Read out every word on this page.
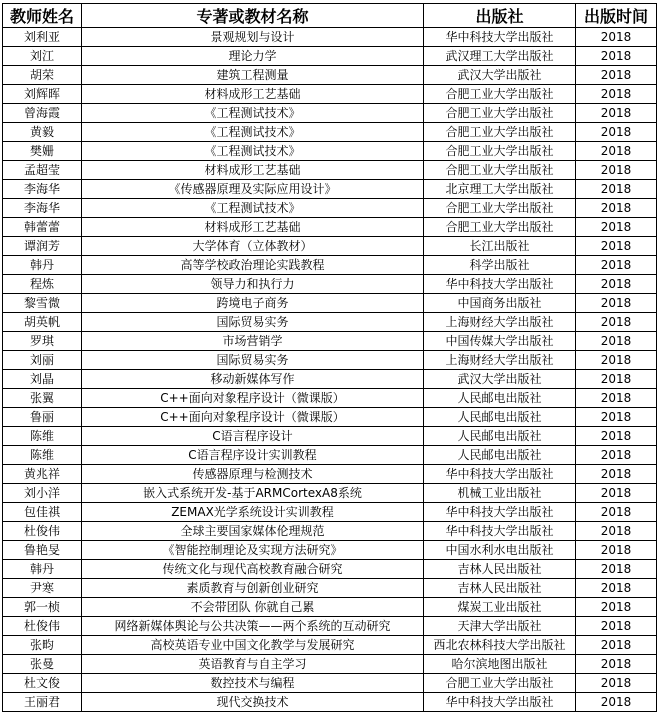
教师姓名	专著或教材名称	出版社	出版时间
刘利亚	景观规划与设计	华中科技大学出版社	2018
刘江	理论力学	武汉理工大学出版社	2018
胡荣	建筑工程测量	武汉大学出版社	2018
刘辉晖	材料成形工艺基础	合肥工业大学出版社	2018
曾海霞	《工程测试技术》	合肥工业大学出版社	2018
黄毅	《工程测试技术》	合肥工业大学出版社	2018
樊姗	《工程测试技术》	合肥工业大学出版社	2018
孟超莹	材料成形工艺基础	合肥工业大学出版社	2018
李海华	《传感器原理及实际应用设计》	北京理工大学出版社	2018
李海华	《工程测试技术》	合肥工业大学出版社	2018
韩蕾蕾	材料成形工艺基础	合肥工业大学出版社	2018
谭润芳	大学体育（立体教材）	长江出版社	2018
韩丹	高等学校政治理论实践教程	科学出版社	2018
程炼	领导力和执行力	华中科技大学出版社	2018
黎雪微	跨境电子商务	中国商务出版社	2018
胡英帆	国际贸易实务	上海财经大学出版社	2018
罗琪	市场营销学	中国传媒大学出版社	2018
刘丽	国际贸易实务	上海财经大学出版社	2018
刘晶	移动新媒体写作	武汉大学出版社	2018
张翼	C++面向对象程序设计（微课版）	人民邮电出版社	2018
鲁丽	C++面向对象程序设计（微课版）	人民邮电出版社	2018
陈维	C语言程序设计	人民邮电出版社	2018
陈维	C语言程序设计实训教程	人民邮电出版社	2018
黄兆祥	传感器原理与检测技术	华中科技大学出版社	2018
刘小洋	嵌入式系统开发-基于ARMCortexA8系统	机械工业出版社	2018
包佳祺	ZEMAX光学系统设计实训教程	华中科技大学出版社	2018
杜俊伟	全球主要国家媒体伦理规范	华中科技大学出版社	2018
鲁艳旻	《智能控制理论及实现方法研究》	中国水利水电出版社	2018
韩丹	传统文化与现代高校教育融合研究	吉林人民出版社	2018
尹寒	素质教育与创新创业研究	吉林人民出版社	2018
郭一桢	不会带团队 你就自己累	煤炭工业出版社	2018
杜俊伟	网络新媒体舆论与公共决策——两个系统的互动研究	天津大学出版社	2018
张畇	高校英语专业中国文化教学与发展研究	西北农林科技大学出版社	2018
张曼	英语教育与自主学习	哈尔滨地图出版社	2018
杜文俊	数控技术与编程	合肥工业大学出版社	2018
王丽君	现代交换技术	华中科技大学出版社	2018
